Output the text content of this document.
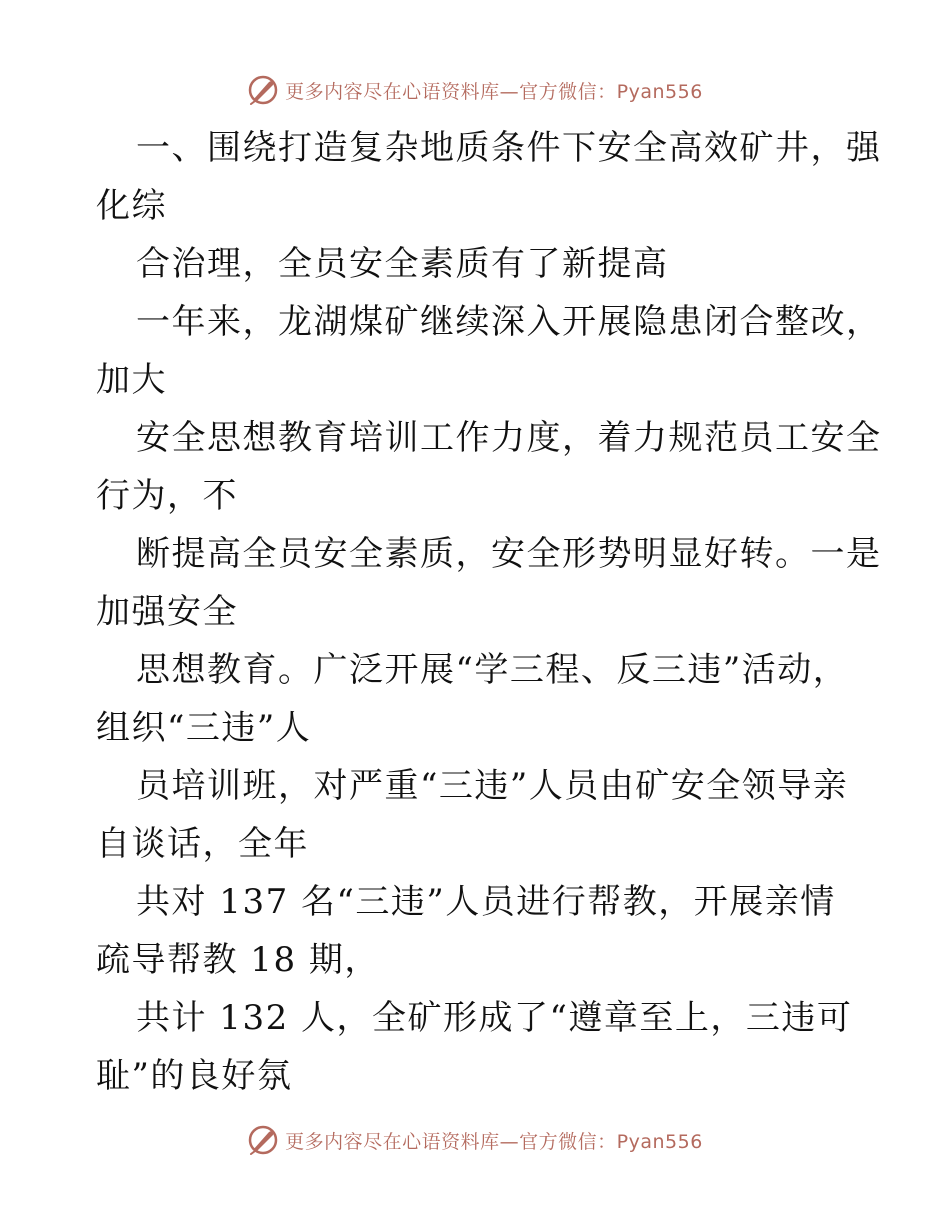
更多内容尽在心语资料库—官方微信：Pyan556
一、围绕打造复杂地质条件下安全高效矿井，强
化综
合治理，全员安全素质有了新提高
一年来，龙湖煤矿继续深入开展隐患闭合整改，
加大
安全思想教育培训工作力度，着力规范员工安全
行为，不
断提高全员安全素质，安全形势明显好转。一是
加强安全
思想教育。广泛开展“学三程、反三违”活动，
组织“三违”人
员培训班，对严重“三违”人员由矿安全领导亲
自谈话，全年
共对 137 名“三违”人员进行帮教，开展亲情
疏导帮教 18 期，
共计 132 人，全矿形成了“遵章至上，三违可
耻”的良好氛
更多内容尽在心语资料库—官方微信：Pyan556
